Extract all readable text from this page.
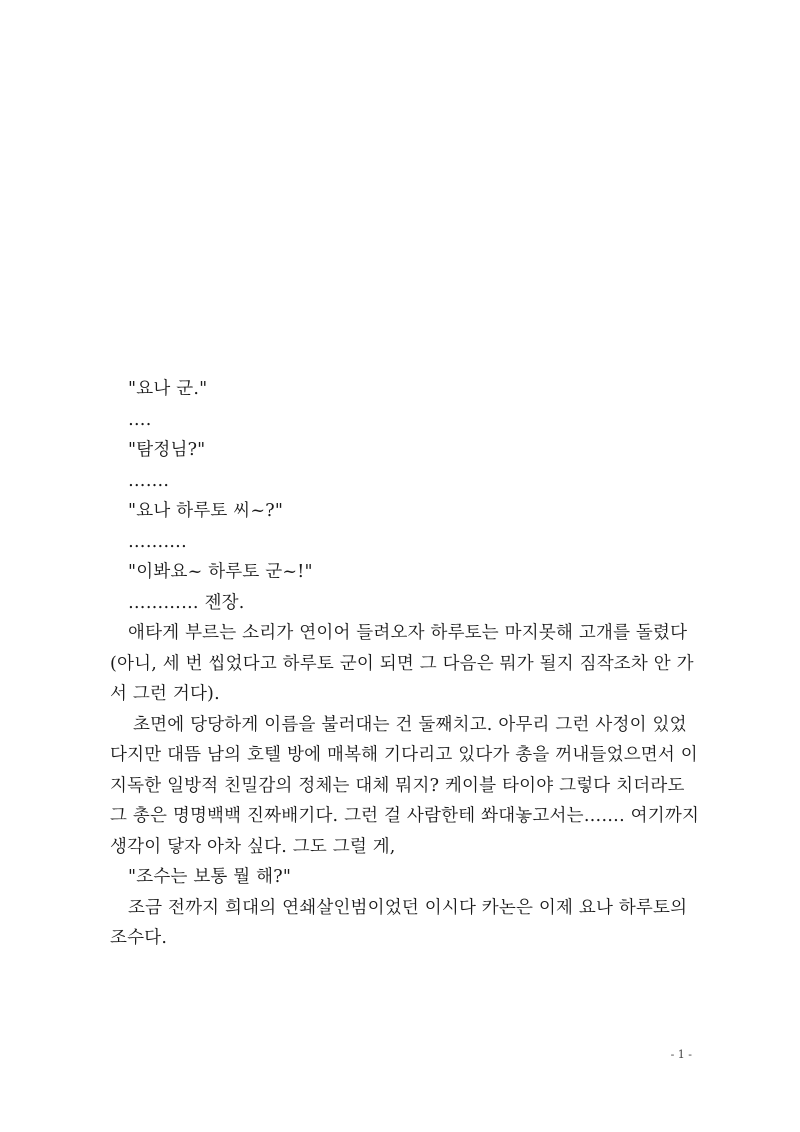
"요나 군."
….
"탐정님?"
…….
"요나 하루토 씨~?"
……….
"이봐요~ 하루토 군~!"
………… 젠장.
애타게 부르는 소리가 연이어 들려오자 하루토는 마지못해 고개를 돌렸다
(아니, 세 번 씹었다고 하루토 군이 되면 그 다음은 뭐가 될지 짐작조차 안 가
서 그런 거다).
초면에 당당하게 이름을 불러대는 건 둘째치고. 아무리 그런 사정이 있었
다지만 대뜸 남의 호텔 방에 매복해 기다리고 있다가 총을 꺼내들었으면서 이
지독한 일방적 친밀감의 정체는 대체 뭐지? 케이블 타이야 그렇다 치더라도
그 총은 명명백백 진짜배기다. 그런 걸 사람한테 쏴대놓고서는……. 여기까지
생각이 닿자 아차 싶다. 그도 그럴 게,
"조수는 보통 뭘 해?"
조금 전까지 희대의 연쇄살인범이었던 이시다 카논은 이제 요나 하루토의
조수다.
- 1 -
